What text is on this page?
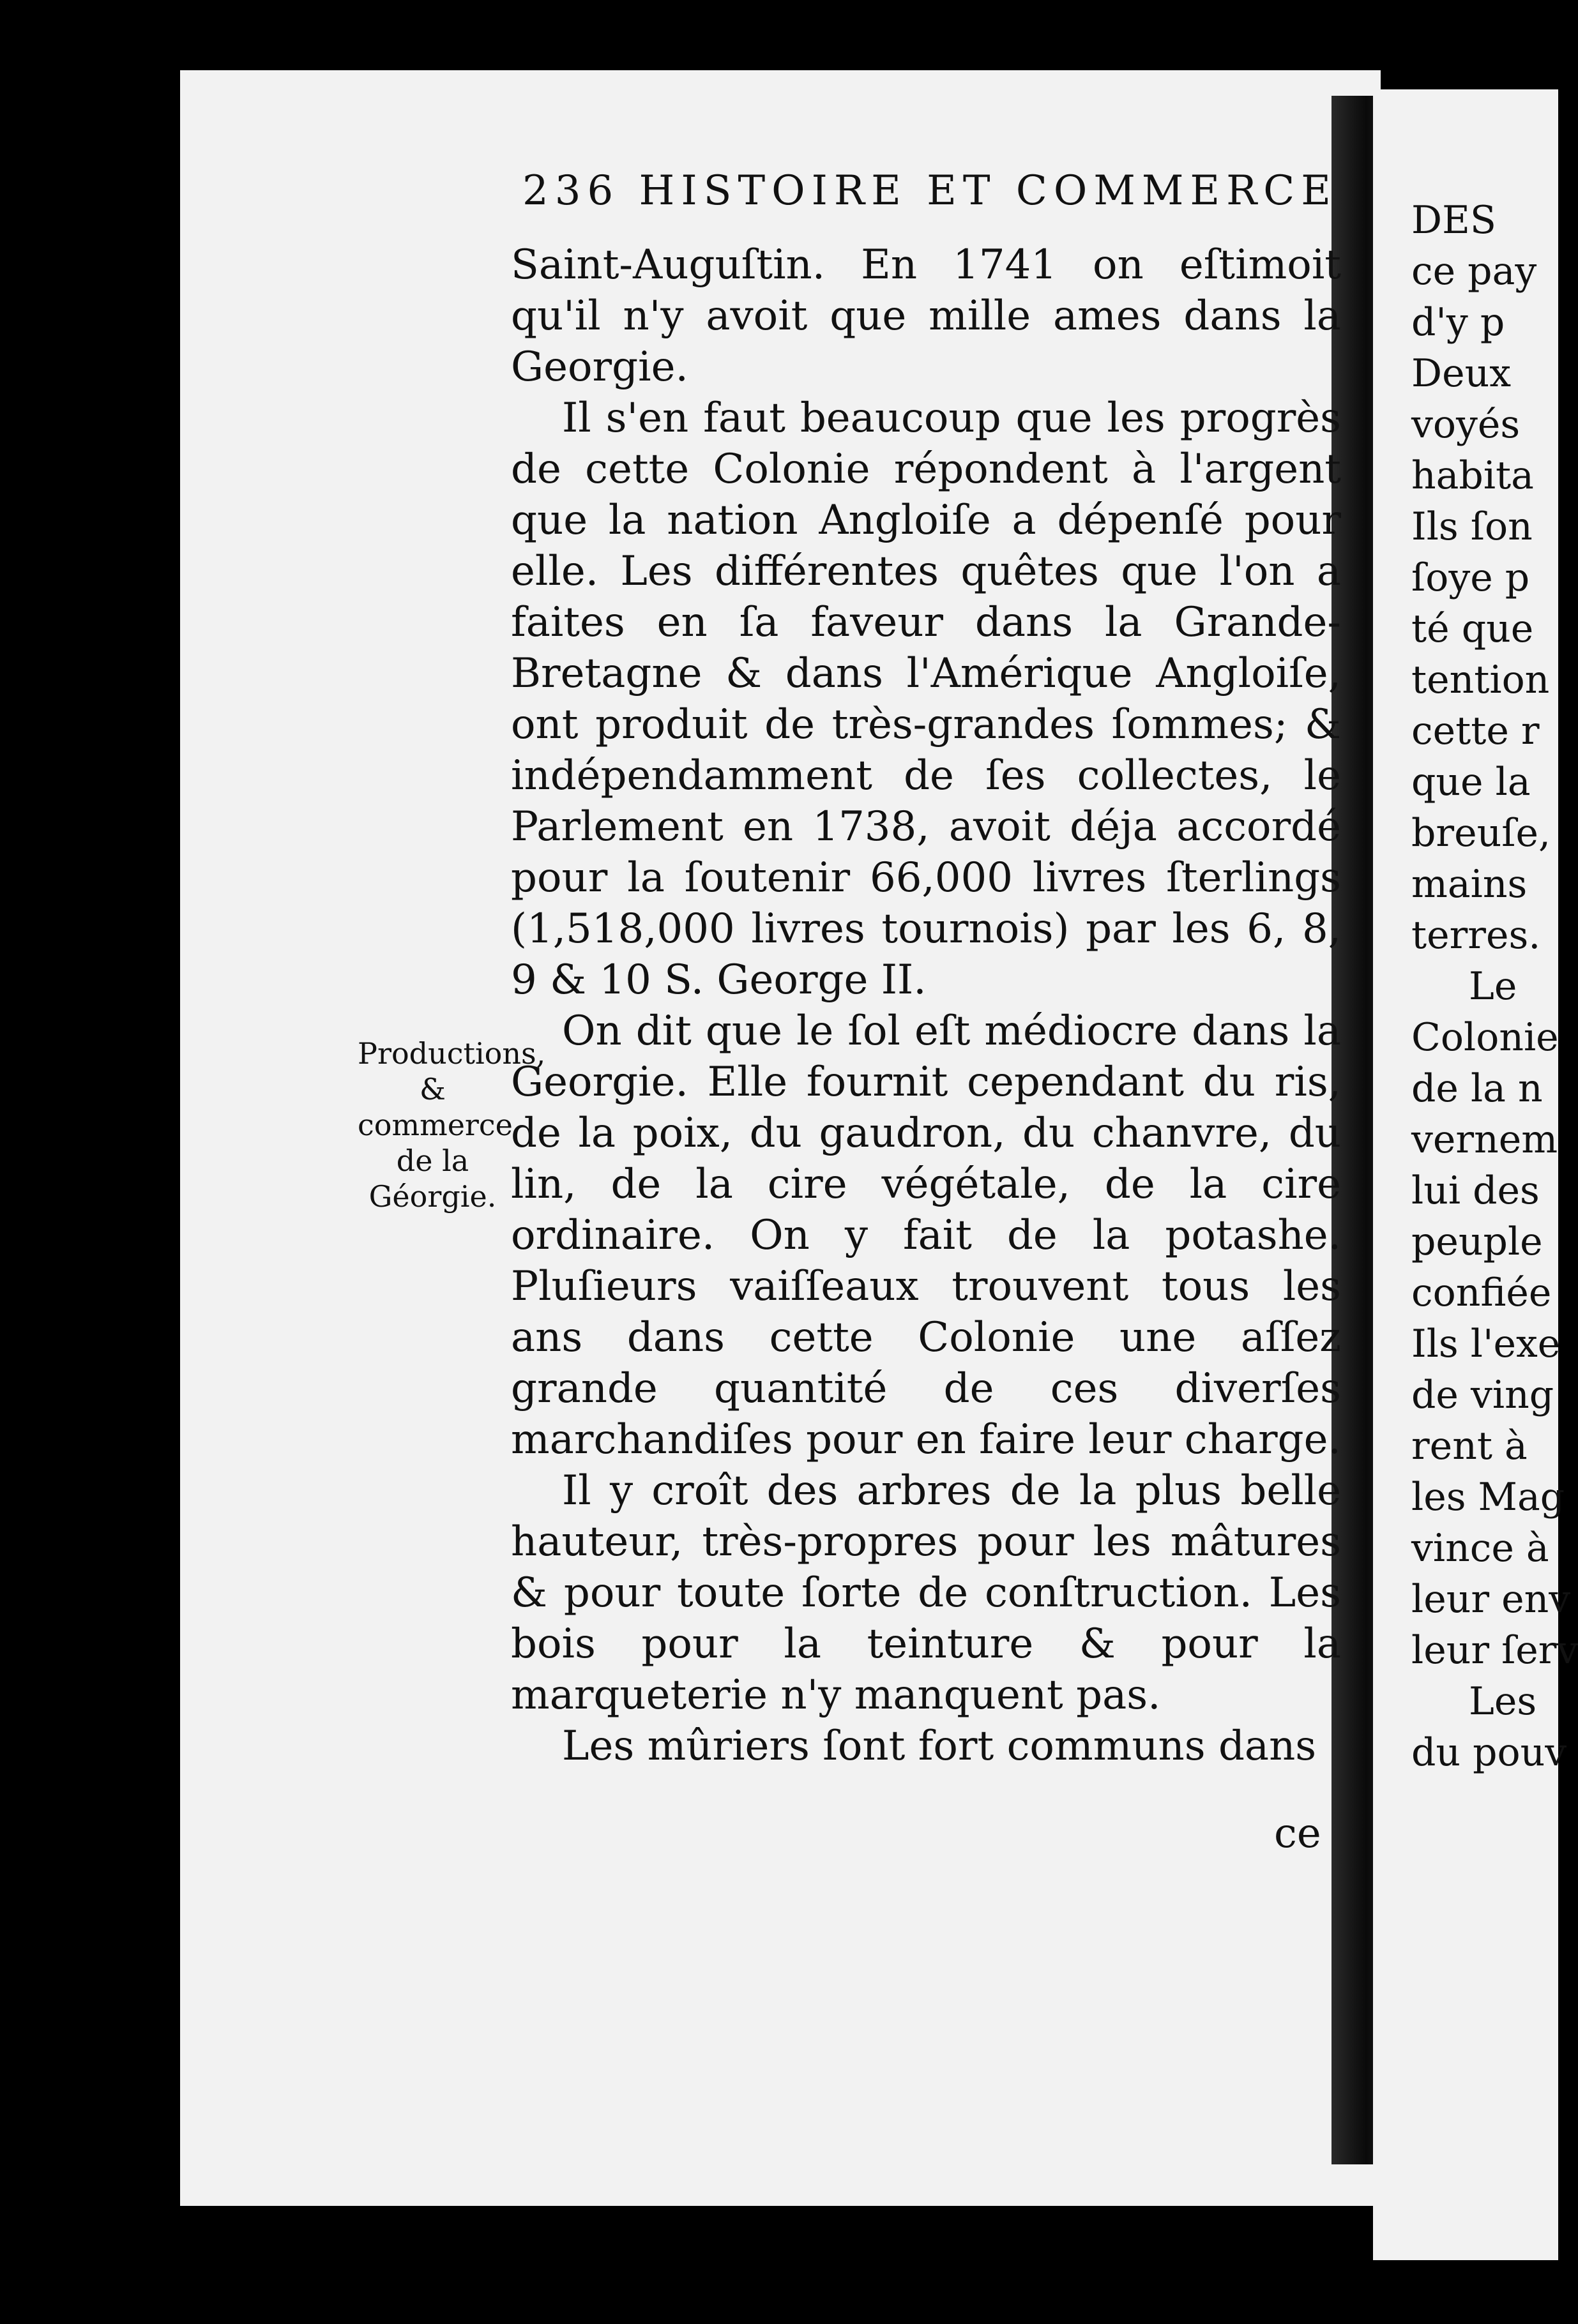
236 HISTOIRE ET COMMERCE

Saint-Auguſtin. En 1741 on eſtimoit qu'il n'y avoit que mille ames dans la Georgie.

Il s'en faut beaucoup que les progrès de cette Colonie répondent à l'argent que la nation Angloiſe a dépenſé pour elle. Les différentes quêtes que l'on a faites en ſa faveur dans la Grande-Bretagne & dans l'Amérique Angloiſe, ont produit de très-grandes ſommes; & indépendamment de ſes collectes, le Parlement en 1738, avoit déja accordé pour la ſoutenir 66,000 livres ſterlings (1,518,000 livres tournois) par les 6, 8, 9 & 10 S. George II.

On dit que le ſol eſt médiocre dans la Georgie. Elle fournit cependant du ris, de la poix, du gaudron, du chanvre, du lin, de la cire végétale, de la cire ordinaire. On y fait de la potashe. Pluſieurs vaiſſeaux trouvent tous les ans dans cette Colonie une aſſez grande quantité de ces diverſes marchandiſes pour en faire leur charge.

Il y croît des arbres de la plus belle hauteur, très-propres pour les mâtures & pour toute ſorte de conſtruction. Les bois pour la teinture & pour la marqueterie n'y manquent pas.

Les mûriers ſont fort communs dans

ce
Productions, & commerce de la Géorgie.
DES
ce pay
d'y p
Deux
voyés
habita
Ils ſon
ſoye p
té que
tention
cette r
que la
breuſe,
mains
terres.
Le
Colonie
de la n
vernem
lui des
peuple
confiée
Ils l'exe
de ving
rent à
les Mag
vince à
leur env
leur ſerv
Les
du pouv
